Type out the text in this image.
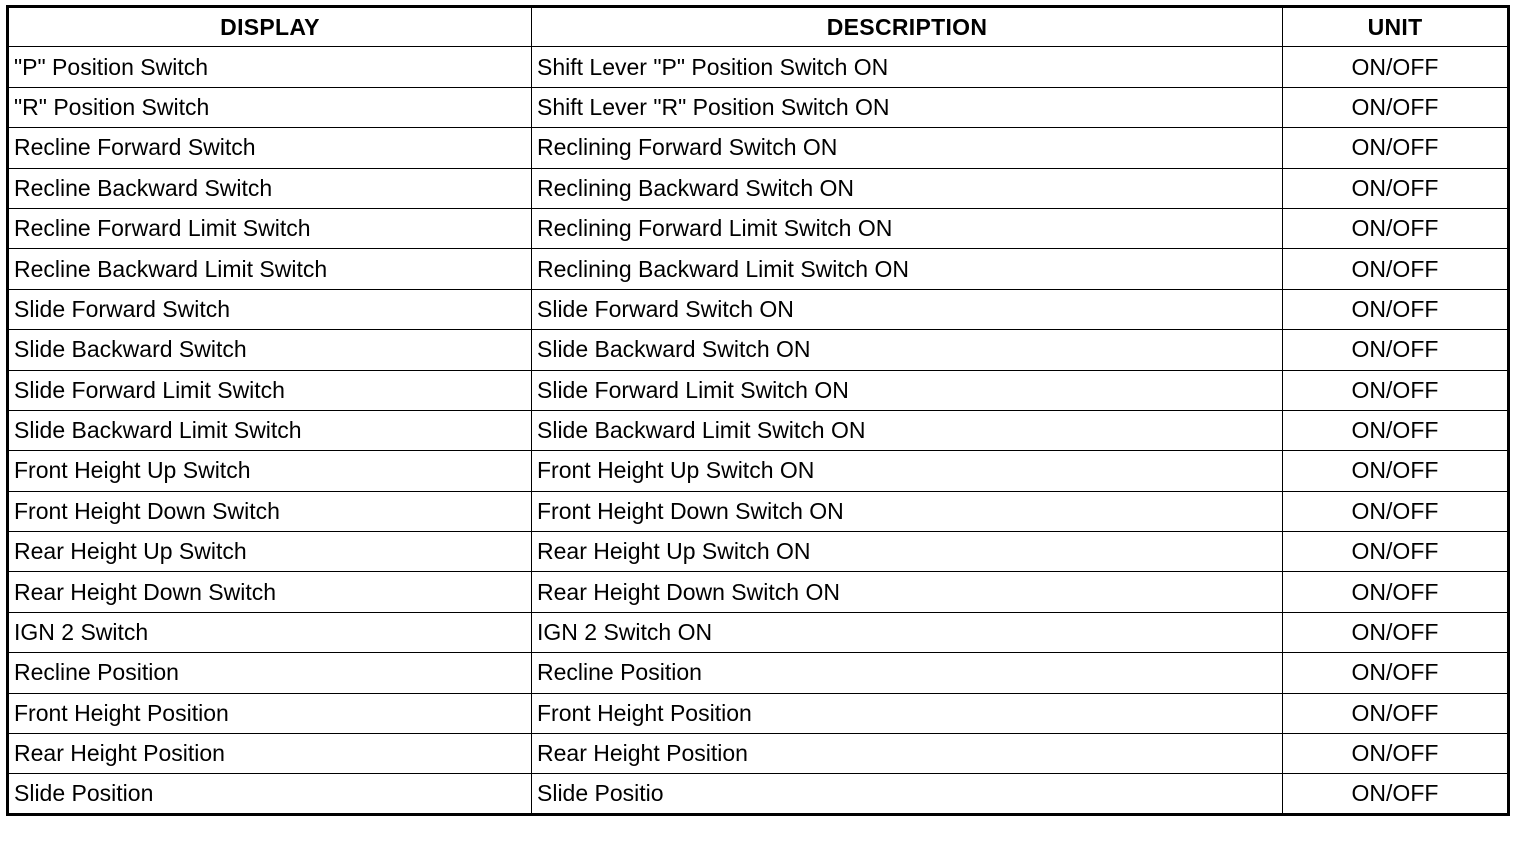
DISPLAY	DESCRIPTION	UNIT
"P" Position Switch	Shift Lever "P" Position Switch ON	ON/OFF
"R" Position Switch	Shift Lever "R" Position Switch ON	ON/OFF
Recline Forward Switch	Reclining Forward Switch ON	ON/OFF
Recline Backward Switch	Reclining Backward Switch ON	ON/OFF
Recline Forward Limit Switch	Reclining Forward Limit Switch ON	ON/OFF
Recline Backward Limit Switch	Reclining Backward Limit Switch ON	ON/OFF
Slide Forward Switch	Slide Forward Switch ON	ON/OFF
Slide Backward Switch	Slide Backward Switch ON	ON/OFF
Slide Forward Limit Switch	Slide Forward Limit Switch ON	ON/OFF
Slide Backward Limit Switch	Slide Backward Limit Switch ON	ON/OFF
Front Height Up Switch	Front Height Up Switch ON	ON/OFF
Front Height Down Switch	Front Height Down Switch ON	ON/OFF
Rear Height Up Switch	Rear Height Up Switch ON	ON/OFF
Rear Height Down Switch	Rear Height Down Switch ON	ON/OFF
IGN 2 Switch	IGN 2 Switch ON	ON/OFF
Recline Position	Recline Position	ON/OFF
Front Height Position	Front Height Position	ON/OFF
Rear Height Position	Rear Height Position	ON/OFF
Slide Position	Slide Positio	ON/OFF
